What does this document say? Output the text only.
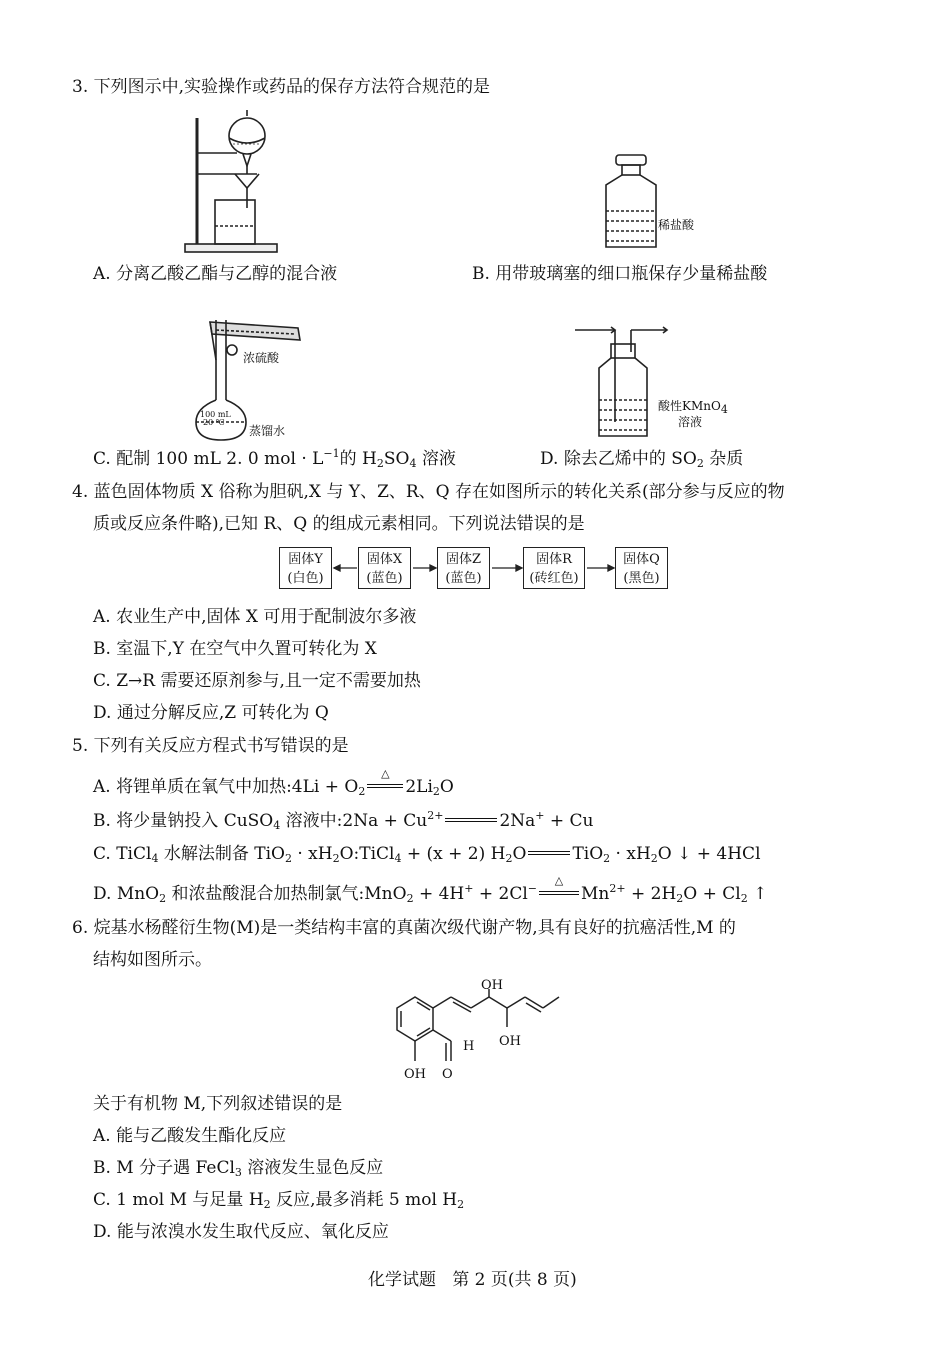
3. 下列图示中,实验操作或药品的保存方法符合规范的是
稀盐酸
A. 分离乙酸乙酯与乙醇的混合液	B. 用带玻璃塞的细口瓶保存少量稀盐酸
浓硫酸
100 mL
20 ℃
蒸馏水
酸性KMnO$_4$
溶液
C. 配制 100 mL 2. 0 mol · $L^{-1}$的 $H_2SO_4$ 溶液	D. 除去乙烯中的 $SO_2$ 杂质
4. 蓝色固体物质 X 俗称为胆矾,X 与 Y、Z、R、Q 存在如图所示的转化关系(部分参与反应的物
质或反应条件略),已知 R、Q 的组成元素相同。下列说法错误的是
固体Y
(白色)
固体X
(蓝色)
固体Z
(蓝色)
固体R
(砖红色)
固体Q
(黑色)
A. 农业生产中,固体 X 可用于配制波尔多液
B. 室温下,Y 在空气中久置可转化为 X
C. Z→R 需要还原剂参与,且一定不需要加热
D. 通过分解反应,Z 可转化为 Q
5. 下列有关反应方程式书写错误的是
A. 将锂单质在氧气中加热:4Li + $O_2$
△
$2Li_2O$
B. 将少量钠投入 CuSO$_4$ 溶液中:2Na + $Cu^{2+}$	2Na+ + Cu
C. TiCl$_4$ 水解法制备 $TiO_2 \cdot xH_2O:TiCl_4 + (x + 2)$ $H_2O$	$TiO_2 \cdot xH_2O$ ↓ + 4HCl
D. MnO$_2$ 和浓盐酸混合加热制氯气:MnO$_2$ + 4H+ + 2Cl−
△
$Mn^{2+} + 2H_2O + Cl_2$ ↑
6. 烷基水杨醛衍生物(M)是一类结构丰富的真菌次级代谢产物,具有良好的抗癌活性,M 的
结构如图所示。
OH
OH
OH O
H
关于有机物 M,下列叙述错误的是
A. 能与乙酸发生酯化反应
B. M 分子遇 FeCl$_3$ 溶液发生显色反应
C. 1 mol M 与足量 $H_2$ 反应,最多消耗 5 mol $H_2$
D. 能与浓溴水发生取代反应、氧化反应
化学试题   第 2 页(共 8 页)
